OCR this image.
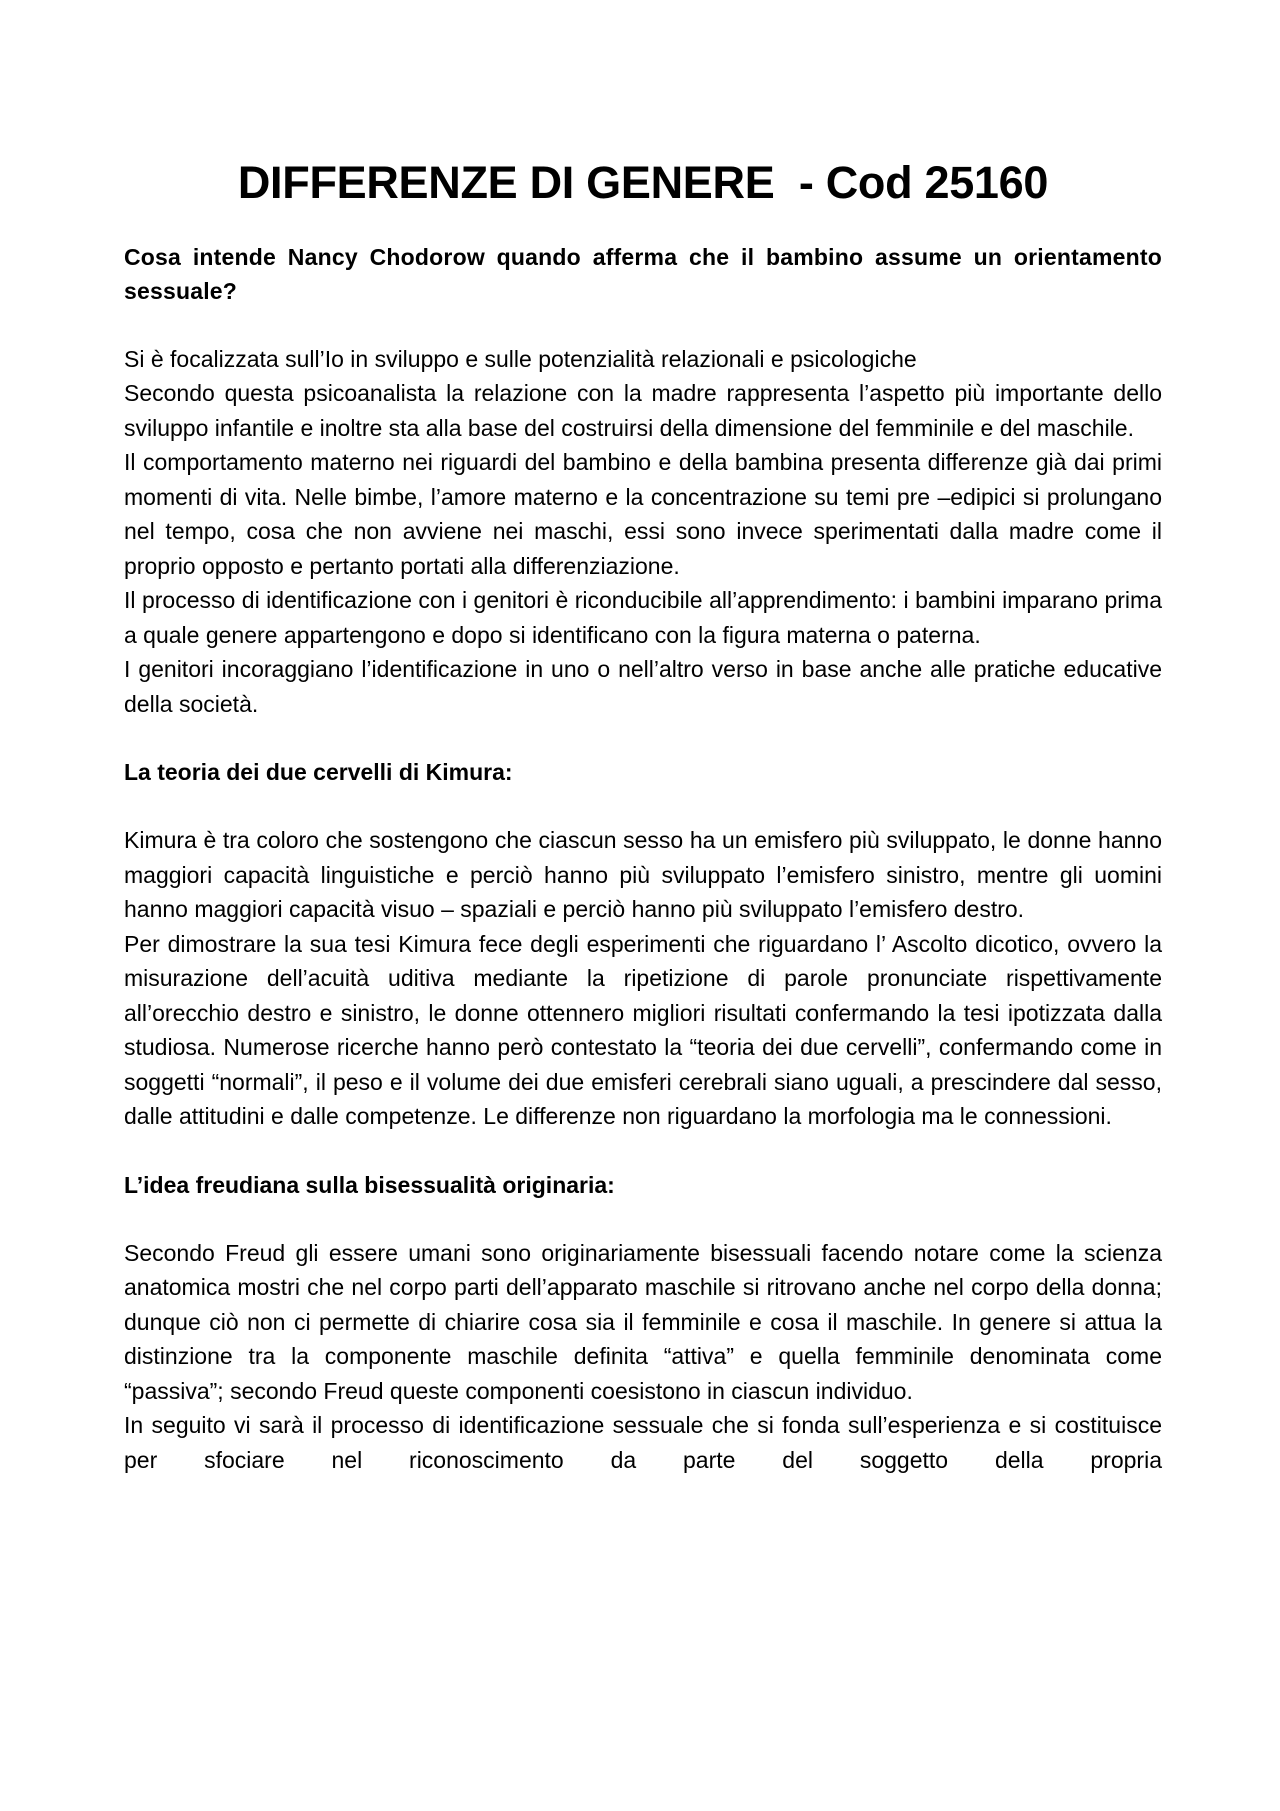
DIFFERENZE DI GENERE  - Cod 25160
Cosa intende Nancy Chodorow quando afferma che il bambino assume un orientamento sessuale?

Si è focalizzata sull’Io in sviluppo e sulle potenzialità relazionali e psicologiche

Secondo questa psicoanalista la relazione con la madre rappresenta l’aspetto più importante dello sviluppo infantile e inoltre sta alla base del costruirsi della dimensione del femminile e del maschile.

Il comportamento materno nei riguardi del bambino e della bambina presenta differenze già dai primi momenti di vita. Nelle bimbe, l’amore materno e la concentrazione su temi pre –edipici si prolungano nel tempo, cosa che non avviene nei maschi, essi sono invece sperimentati dalla madre come il proprio opposto e pertanto portati alla differenziazione.

Il processo di identificazione con i genitori è riconducibile all’apprendimento: i bambini imparano prima a quale genere appartengono e dopo si identificano con la figura materna o paterna.

I genitori incoraggiano l’identificazione in uno o nell’altro verso in base anche alle pratiche educative della società.

La teoria dei due cervelli di Kimura:

Kimura è tra coloro che sostengono che ciascun sesso ha un emisfero più sviluppato, le donne hanno maggiori capacità linguistiche e perciò hanno più sviluppato l’emisfero sinistro, mentre gli uomini hanno maggiori capacità visuo – spaziali e perciò hanno più sviluppato l’emisfero destro.

Per dimostrare la sua tesi Kimura fece degli esperimenti che riguardano l’ Ascolto dicotico, ovvero la misurazione dell’acuità uditiva mediante la ripetizione di parole pronunciate rispettivamente all’orecchio destro e sinistro, le donne ottennero migliori risultati confermando la tesi ipotizzata dalla studiosa. Numerose ricerche hanno però contestato la “teoria dei due cervelli”, confermando come in soggetti “normali”, il peso e il volume dei due emisferi cerebrali siano uguali, a prescindere dal sesso, dalle attitudini e dalle competenze. Le differenze non riguardano la morfologia ma le connessioni.

L’idea freudiana sulla bisessualità originaria:

Secondo Freud gli essere umani sono originariamente bisessuali facendo notare come la scienza anatomica mostri che nel corpo parti dell’apparato maschile si ritrovano anche nel corpo della donna; dunque ciò non ci permette di chiarire cosa sia il femminile e cosa il maschile. In genere si attua la distinzione tra la componente maschile definita “attiva” e quella femminile denominata come “passiva”; secondo Freud queste componenti coesistono in ciascun individuo.

In seguito vi sarà il processo di identificazione sessuale che si fonda sull’esperienza e si costituisce per sfociare nel riconoscimento da parte del soggetto della propria
